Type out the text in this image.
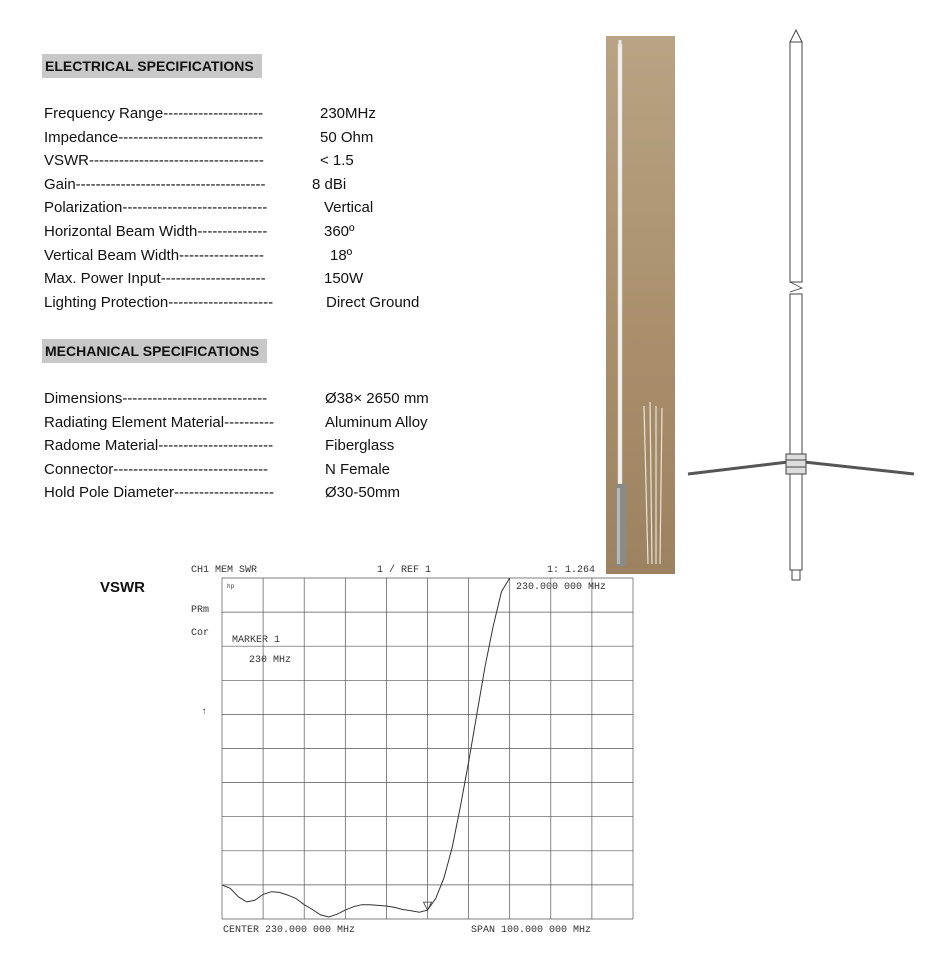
ELECTRICAL SPECIFICATIONS
Frequency Range--------------------	230MHz
Impedance-----------------------------	50 Ohm
VSWR-----------------------------------	< 1.5
Gain--------------------------------------	8 dBi
Polarization-----------------------------	Vertical
Horizontal Beam Width--------------	360º
Vertical Beam Width-----------------	18º
Max. Power Input---------------------	150W
Lighting Protection---------------------	Direct Ground
MECHANICAL SPECIFICATIONS
Dimensions-----------------------------	Ø38× 2650 mm
Radiating Element Material----------	Aluminum Alloy
Radome Material-----------------------	Fiberglass
Connector-------------------------------	N Female
Hold Pole Diameter--------------------	Ø30-50mm
VSWR
CH1 MEM SWR	1 / REF 1	1: 1.264
230.000 000 MHz
hp
PRm
Cor
↑
MARKER 1
230 MHz
CENTER 230.000 000 MHz	SPAN 100.000 000 MHz
